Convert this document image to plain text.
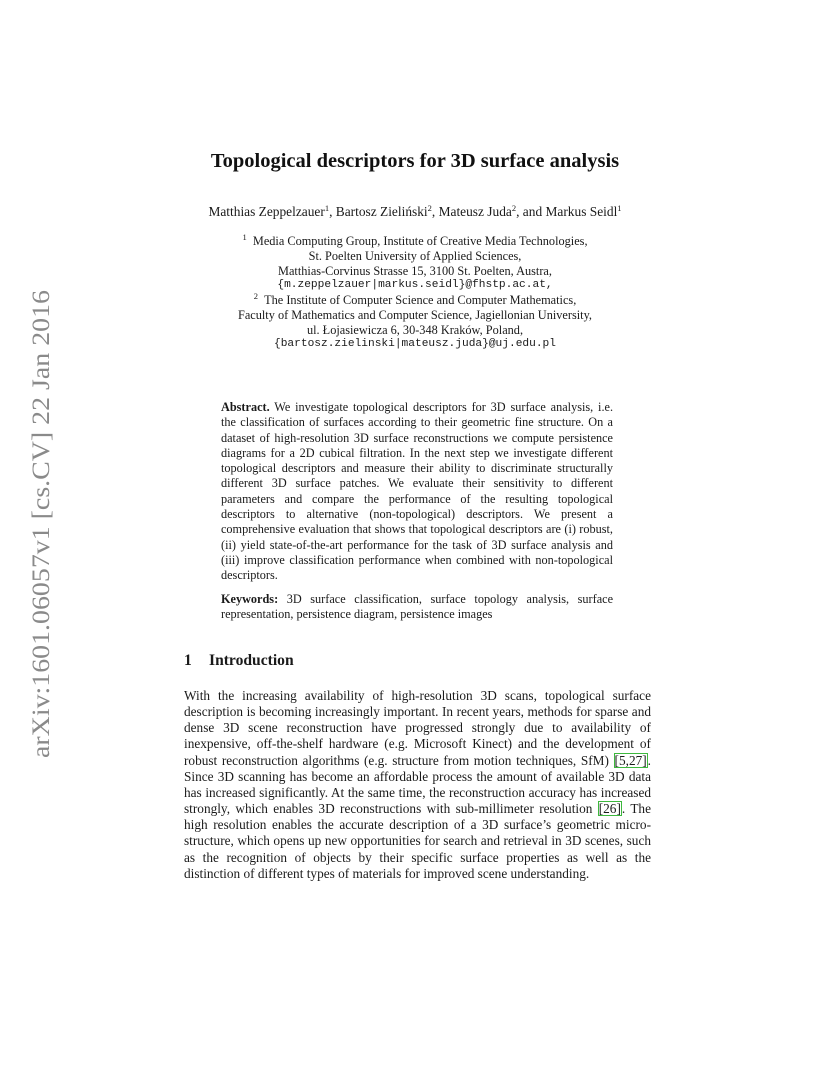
arXiv:1601.06057v1 [cs.CV] 22 Jan 2016
Topological descriptors for 3D surface analysis
Matthias Zeppelzauer$^1$, Bartosz Zieliński$^2$, Mateusz Juda$^2$, and Markus Seidl$^1$
$^1$ Media Computing Group, Institute of Creative Media Technologies,
St. Poelten University of Applied Sciences,
Matthias-Corvinus Strasse 15, 3100 St. Poelten, Austra,
{m.zeppelzauer|markus.seidl}@fhstp.ac.at,
$^2$ The Institute of Computer Science and Computer Mathematics,
Faculty of Mathematics and Computer Science, Jagiellonian University,
ul. Łojasiewicza 6, 30-348 Kraków, Poland,
{bartosz.zielinski|mateusz.juda}@uj.edu.pl
Abstract. We investigate topological descriptors for 3D surface analysis, i.e. the classification of surfaces according to their geometric fine structure. On a dataset of high-resolution 3D surface reconstructions we compute persistence diagrams for a 2D cubical filtration. In the next step we investigate different topological descriptors and measure their ability to discriminate structurally different 3D surface patches. We evaluate their sensitivity to different parameters and compare the performance of the resulting topological descriptors to alternative (non-topological) descriptors. We present a comprehensive evaluation that shows that topological descriptors are (i) robust, (ii) yield state-of-the-art performance for the task of 3D surface analysis and (iii) improve classification performance when combined with non-topological descriptors.
Keywords: 3D surface classification, surface topology analysis, surface representation, persistence diagram, persistence images
1 Introduction
With the increasing availability of high-resolution 3D scans, topological surface description is becoming increasingly important. In recent years, methods for sparse and dense 3D scene reconstruction have progressed strongly due to availability of inexpensive, off-the-shelf hardware (e.g. Microsoft Kinect) and the development of robust reconstruction algorithms (e.g. structure from motion techniques, SfM) [5,27]. Since 3D scanning has become an affordable process the amount of available 3D data has increased significantly. At the same time, the reconstruction accuracy has increased strongly, which enables 3D reconstructions with sub-millimeter resolution [26]. The high resolution enables the accurate description of a 3D surface’s geometric micro-structure, which opens up new opportunities for search and retrieval in 3D scenes, such as the recognition of objects by their specific surface properties as well as the distinction of different types of materials for improved scene understanding.
